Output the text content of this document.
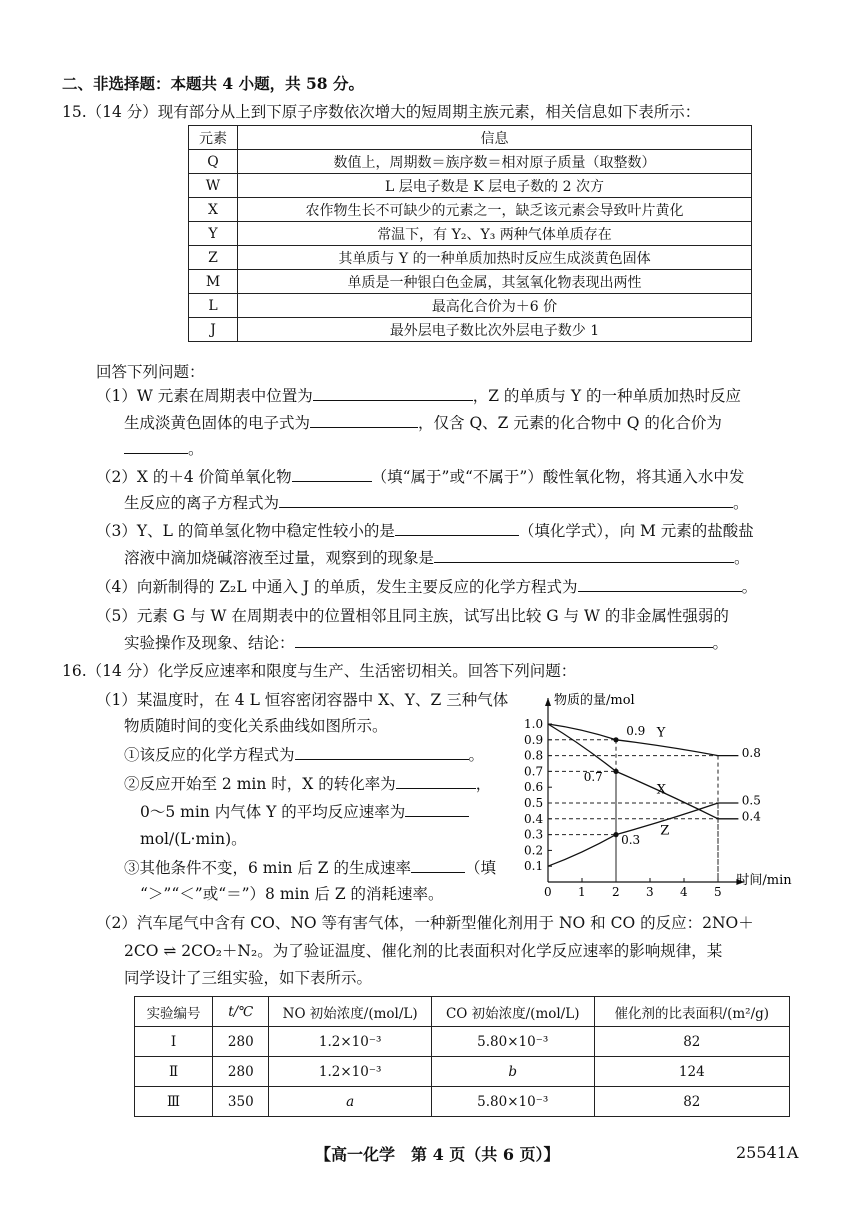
二、非选择题：本题共 4 小题，共 58 分。
15.（14 分）现有部分从上到下原子序数依次增大的短周期主族元素，相关信息如下表所示：
元素	信息
Q	数值上，周期数＝族序数＝相对原子质量（取整数）
W	L 层电子数是 K 层电子数的 2 次方
X	农作物生长不可缺少的元素之一，缺乏该元素会导致叶片黄化
Y	常温下，有 Y₂、Y₃ 两种气体单质存在
Z	其单质与 Y 的一种单质加热时反应生成淡黄色固体
M	单质是一种银白色金属，其氢氧化物表现出两性
L	最高化合价为＋6 价
J	最外层电子数比次外层电子数少 1
回答下列问题：
（1）W 元素在周期表中位置为	，Z 的单质与 Y 的一种单质加热时反应
生成淡黄色固体的电子式为	，仅含 Q、Z 元素的化合物中 Q 的化合价为
。
（2）X 的＋4 价简单氧化物	（填“属于”或“不属于”）酸性氧化物，将其通入水中发
生反应的离子方程式为	。
（3）Y、L 的简单氢化物中稳定性较小的是	（填化学式），向 M 元素的盐酸盐
溶液中滴加烧碱溶液至过量，观察到的现象是	。
（4）向新制得的 Z₂L 中通入 J 的单质，发生主要反应的化学方程式为	。
（5）元素 G 与 W 在周期表中的位置相邻且同主族，试写出比较 G 与 W 的非金属性强弱的
实验操作及现象、结论：	。
16.（14 分）化学反应速率和限度与生产、生活密切相关。回答下列问题：
（1）某温度时，在 4 L 恒容密闭容器中 X、Y、Z 三种气体
物质随时间的变化关系曲线如图所示。
①该反应的化学方程式为	。
②反应开始至 2 min 时，X 的转化率为	，
0～5 min 内气体 Y 的平均反应速率为
mol/(L·min)。
③其他条件不变，6 min 后 Z 的生成速率	（填
“＞”“＜”或“＝”）8 min 后 Z 的消耗速率。
物质的量/mol
时间/min
0 1 2 3 4 5
0.1
0.2
0.3
0.4
0.5
0.6
0.7
0.8
0.9
1.0
Y
X
Z
0.9
0.7
0.3
0.8
0.5
0.4
（2）汽车尾气中含有 CO、NO 等有害气体，一种新型催化剂用于 NO 和 CO 的反应：2NO＋
2CO ⇌ 2CO₂＋N₂。为了验证温度、催化剂的比表面积对化学反应速率的影响规律，某
同学设计了三组实验，如下表所示。
实验编号	t/℃	NO 初始浓度/(mol/L)	CO 初始浓度/(mol/L)	催化剂的比表面积/(m²/g)
Ⅰ	280	1.2×10⁻³	5.80×10⁻³	82
Ⅱ	280	1.2×10⁻³	b	124
Ⅲ	350	a	5.80×10⁻³	82
【高一化学　第 4 页（共 6 页）】	25541A
